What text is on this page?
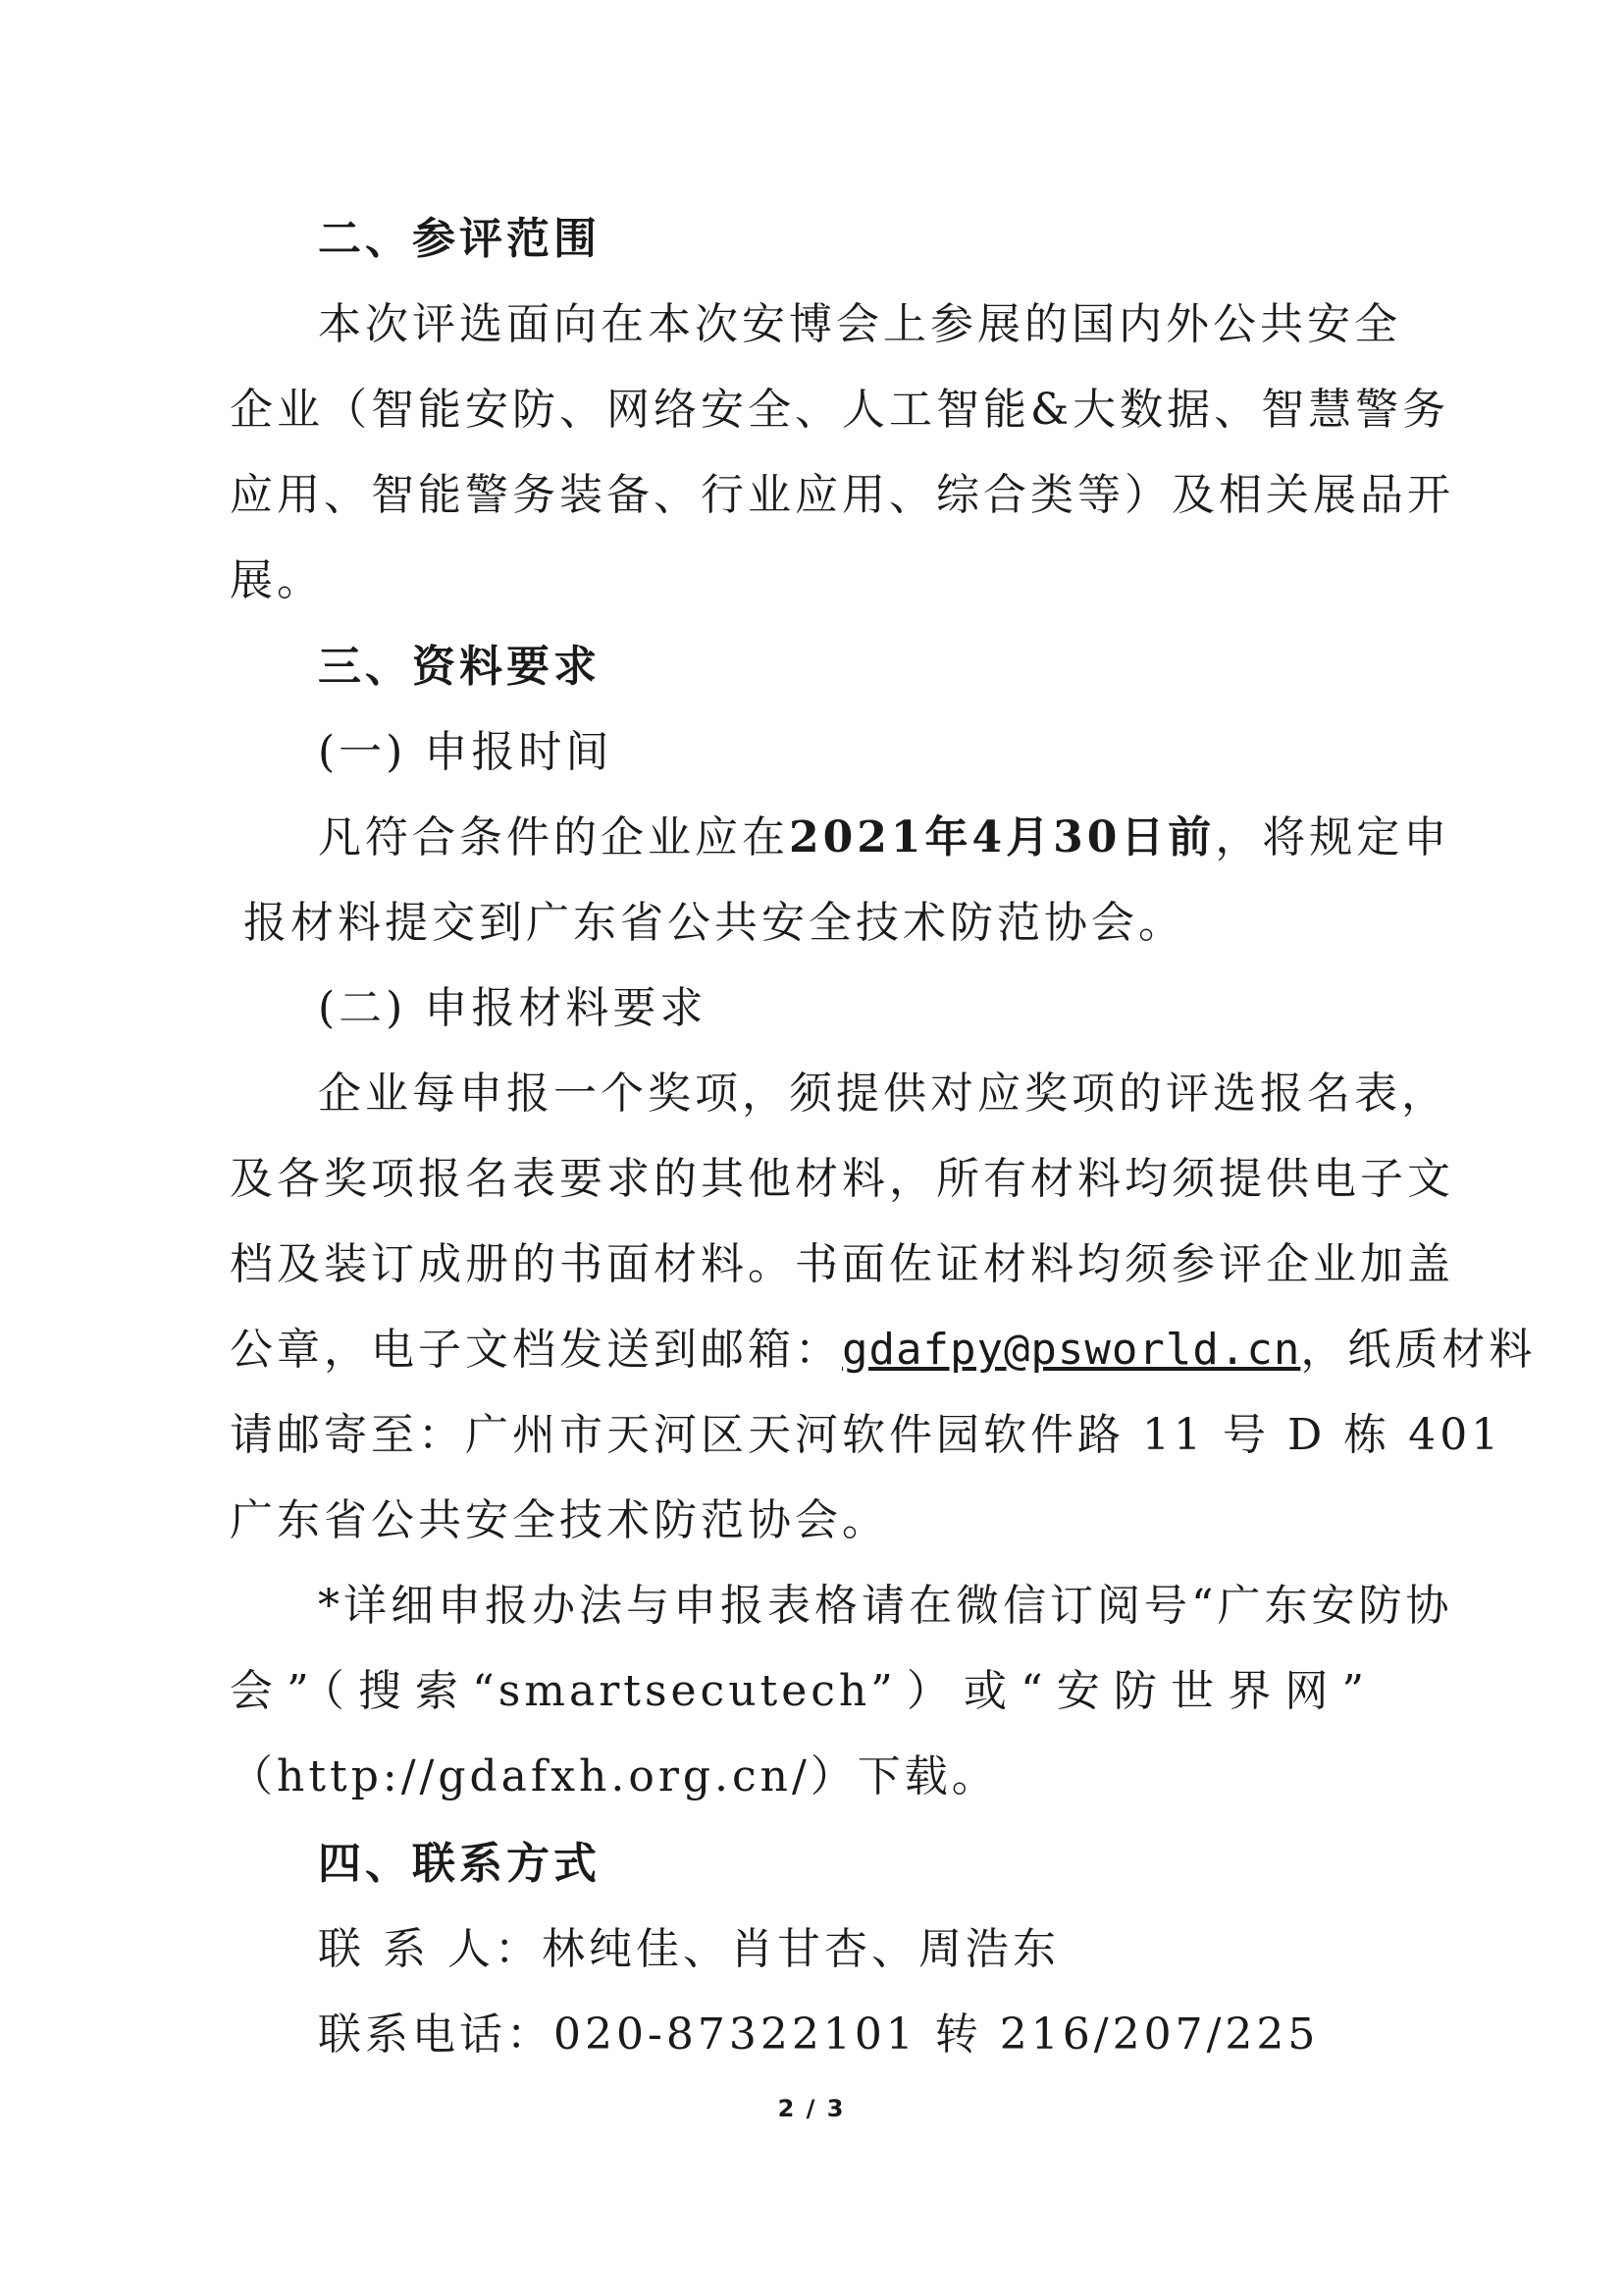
二、参评范围
本次评选面向在本次安博会上参展的国内外公共安全
企业（智能安防、网络安全、人工智能&大数据、智慧警务
应用、智能警务装备、行业应用、综合类等）及相关展品开
展。
三、资料要求
(一) 申报时间
凡符合条件的企业应在2021年4月30日前，将规定申
报材料提交到广东省公共安全技术防范协会。
(二) 申报材料要求
企业每申报一个奖项，须提供对应奖项的评选报名表，
及各奖项报名表要求的其他材料，所有材料均须提供电子文
档及装订成册的书面材料。书面佐证材料均须参评企业加盖
公章，电子文档发送到邮箱：gdafpy@psworld.cn，纸质材料
请邮寄至：广州市天河区天河软件园软件路 11 号 D 栋 401
广东省公共安全技术防范协会。
*详细申报办法与申报表格请在微信订阅号“广东安防协
会”（搜索“smartsecutech”）或“安防世界网”
（http://gdafxh.org.cn/）下载。
四、联系方式
联 系 人：林纯佳、肖甘杏、周浩东
联系电话：020-87322101 转 216/207/225
2 / 3
